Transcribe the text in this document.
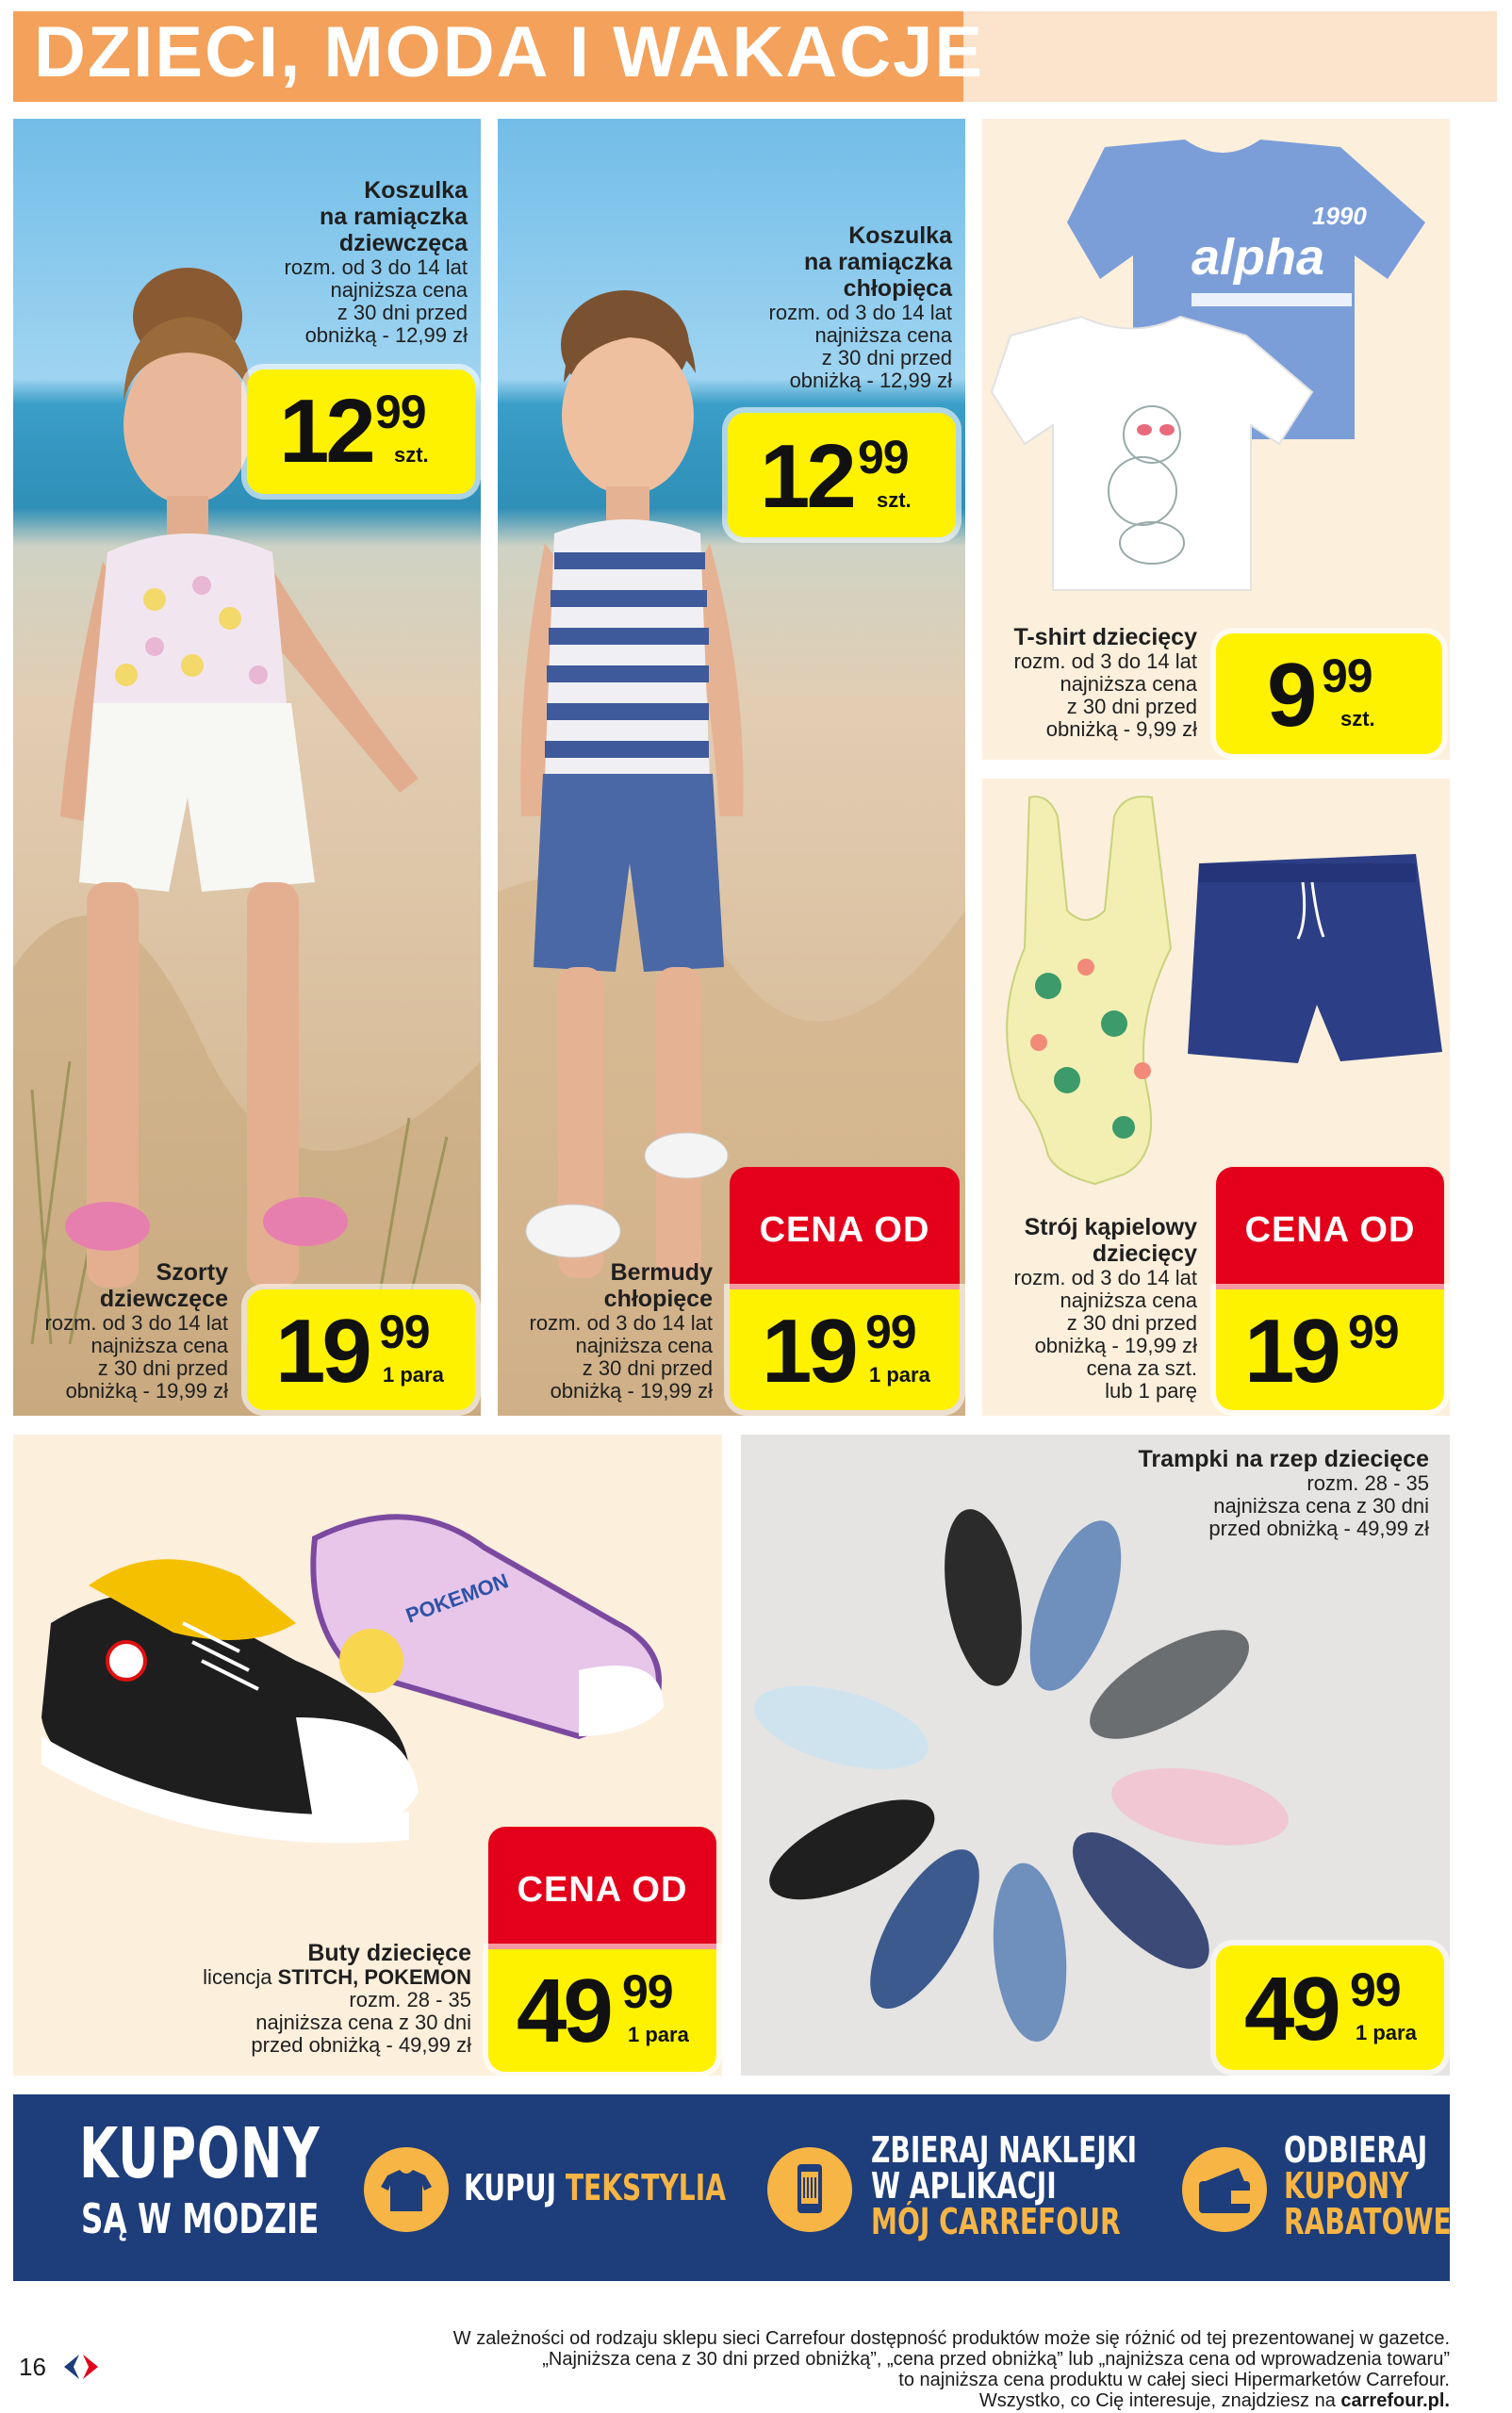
DZIECI, MODA I WAKACJE
Koszulka
na ramiączka
dziewczęca
rozm. od 3 do 14 lat
najniższa cena
z 30 dni przed
obniżką - 12,99 zł
12 99
szt.
Szorty
dziewczęce
rozm. od 3 do 14 lat
najniższa cena
z 30 dni przed
obniżką - 19,99 zł 19 99
1 para
Koszulka
na ramiączka
chłopięca
rozm. od 3 do 14 lat
najniższa cena
z 30 dni przed
obniżką - 12,99 zł
12 99
szt.
Bermudy
chłopięce
rozm. od 3 do 14 lat
najniższa cena
z 30 dni przed
obniżką - 19,99 zł
CENA OD
19 99
1 para
1990
alpha
T-shirt dziecięcy
rozm. od 3 do 14 lat
najniższa cena
z 30 dni przed
obniżką - 9,99 zł 9 99
szt.
Strój kąpielowy
dziecięcy
rozm. od 3 do 14 lat
najniższa cena
z 30 dni przed
obniżką - 19,99 zł
cena za szt.
lub 1 parę
CENA OD
19 99
POKEMON
Buty dziecięce
licencja STITCH, POKEMON
rozm. 28 - 35
najniższa cena z 30 dni
przed obniżką - 49,99 zł
CENA OD
49 99
1 para
Trampki na rzep dziecięce
rozm. 28 - 35
najniższa cena z 30 dni
przed obniżką - 49,99 zł
49 99
1 para
KUPONY
SĄ W MODZIE
KUPUJ TEKSTYLIA
ZBIERAJ NAKLEJKI
W APLIKACJI
MÓJ CARREFOUR
ODBIERAJ
KUPONY
RABATOWE
16
W zależności od rodzaju sklepu sieci Carrefour dostępność produktów może się różnić od tej prezentowanej w gazetce.
„Najniższa cena z 30 dni przed obniżką”, „cena przed obniżką” lub „najniższa cena od wprowadzenia towaru”
to najniższa cena produktu w całej sieci Hipermarketów Carrefour.
Wszystko, co Cię interesuje, znajdziesz na carrefour.pl.
